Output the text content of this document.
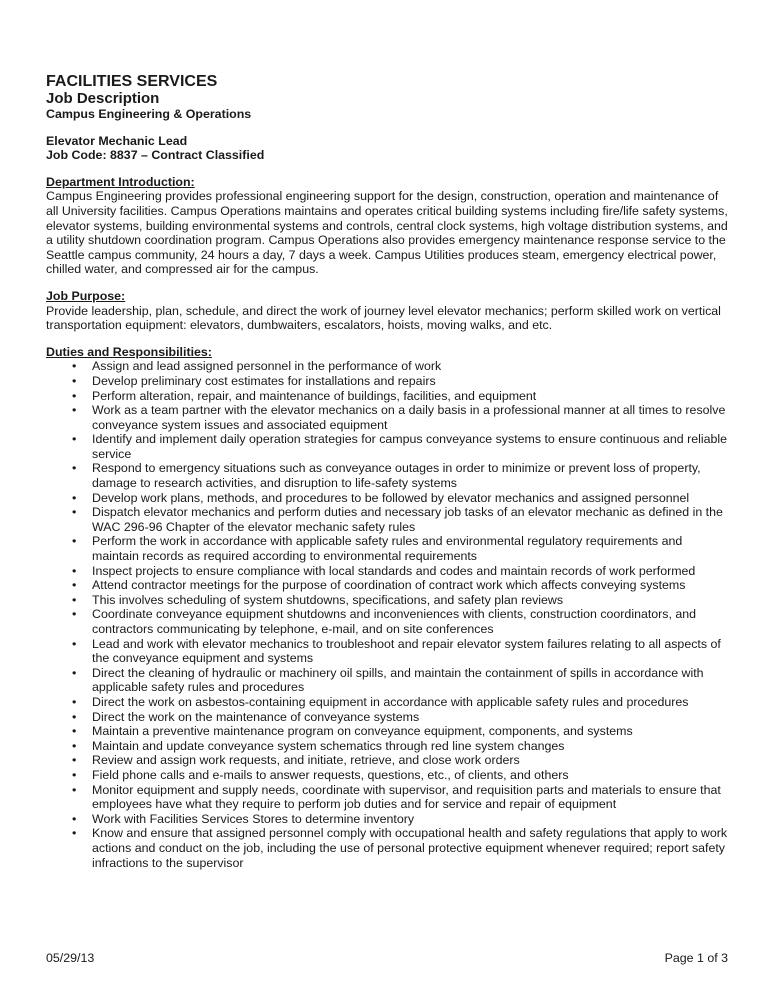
FACILITIES SERVICES
Job Description
Campus Engineering & Operations
Elevator Mechanic Lead
Job Code: 8837 – Contract Classified
Department Introduction:
Campus Engineering provides professional engineering support for the design, construction, operation and maintenance of all University facilities. Campus Operations maintains and operates critical building systems including fire/life safety systems, elevator systems, building environmental systems and controls, central clock systems, high voltage distribution systems, and a utility shutdown coordination program. Campus Operations also provides emergency maintenance response service to the Seattle campus community, 24 hours a day, 7 days a week. Campus Utilities produces steam, emergency electrical power, chilled water, and compressed air for the campus.
Job Purpose:
Provide leadership, plan, schedule, and direct the work of journey level elevator mechanics; perform skilled work on vertical transportation equipment: elevators, dumbwaiters, escalators, hoists, moving walks, and etc.
Duties and Responsibilities:
• Assign and lead assigned personnel in the performance of work
• Develop preliminary cost estimates for installations and repairs
• Perform alteration, repair, and maintenance of buildings, facilities, and equipment
• Work as a team partner with the elevator mechanics on a daily basis in a professional manner at all times to resolve conveyance system issues and associated equipment
• Identify and implement daily operation strategies for campus conveyance systems to ensure continuous and reliable service
• Respond to emergency situations such as conveyance outages in order to minimize or prevent loss of property, damage to research activities, and disruption to life-safety systems
• Develop work plans, methods, and procedures to be followed by elevator mechanics and assigned personnel
• Dispatch elevator mechanics and perform duties and necessary job tasks of an elevator mechanic as defined in the WAC 296-96 Chapter of the elevator mechanic safety rules
• Perform the work in accordance with applicable safety rules and environmental regulatory requirements and maintain records as required according to environmental requirements
• Inspect projects to ensure compliance with local standards and codes and maintain records of work performed
• Attend contractor meetings for the purpose of coordination of contract work which affects conveying systems
• This involves scheduling of system shutdowns, specifications, and safety plan reviews
• Coordinate conveyance equipment shutdowns and inconveniences with clients, construction coordinators, and contractors communicating by telephone, e-mail, and on site conferences
• Lead and work with elevator mechanics to troubleshoot and repair elevator system failures relating to all aspects of the conveyance equipment and systems
• Direct the cleaning of hydraulic or machinery oil spills, and maintain the containment of spills in accordance with applicable safety rules and procedures
• Direct the work on asbestos-containing equipment in accordance with applicable safety rules and procedures
• Direct the work on the maintenance of conveyance systems
• Maintain a preventive maintenance program on conveyance equipment, components, and systems
• Maintain and update conveyance system schematics through red line system changes
• Review and assign work requests, and initiate, retrieve, and close work orders
• Field phone calls and e-mails to answer requests, questions, etc., of clients, and others
• Monitor equipment and supply needs, coordinate with supervisor, and requisition parts and materials to ensure that employees have what they require to perform job duties and for service and repair of equipment
• Work with Facilities Services Stores to determine inventory
• Know and ensure that assigned personnel comply with occupational health and safety regulations that apply to work actions and conduct on the job, including the use of personal protective equipment whenever required; report safety infractions to the supervisor
05/29/13	Page 1 of 3
